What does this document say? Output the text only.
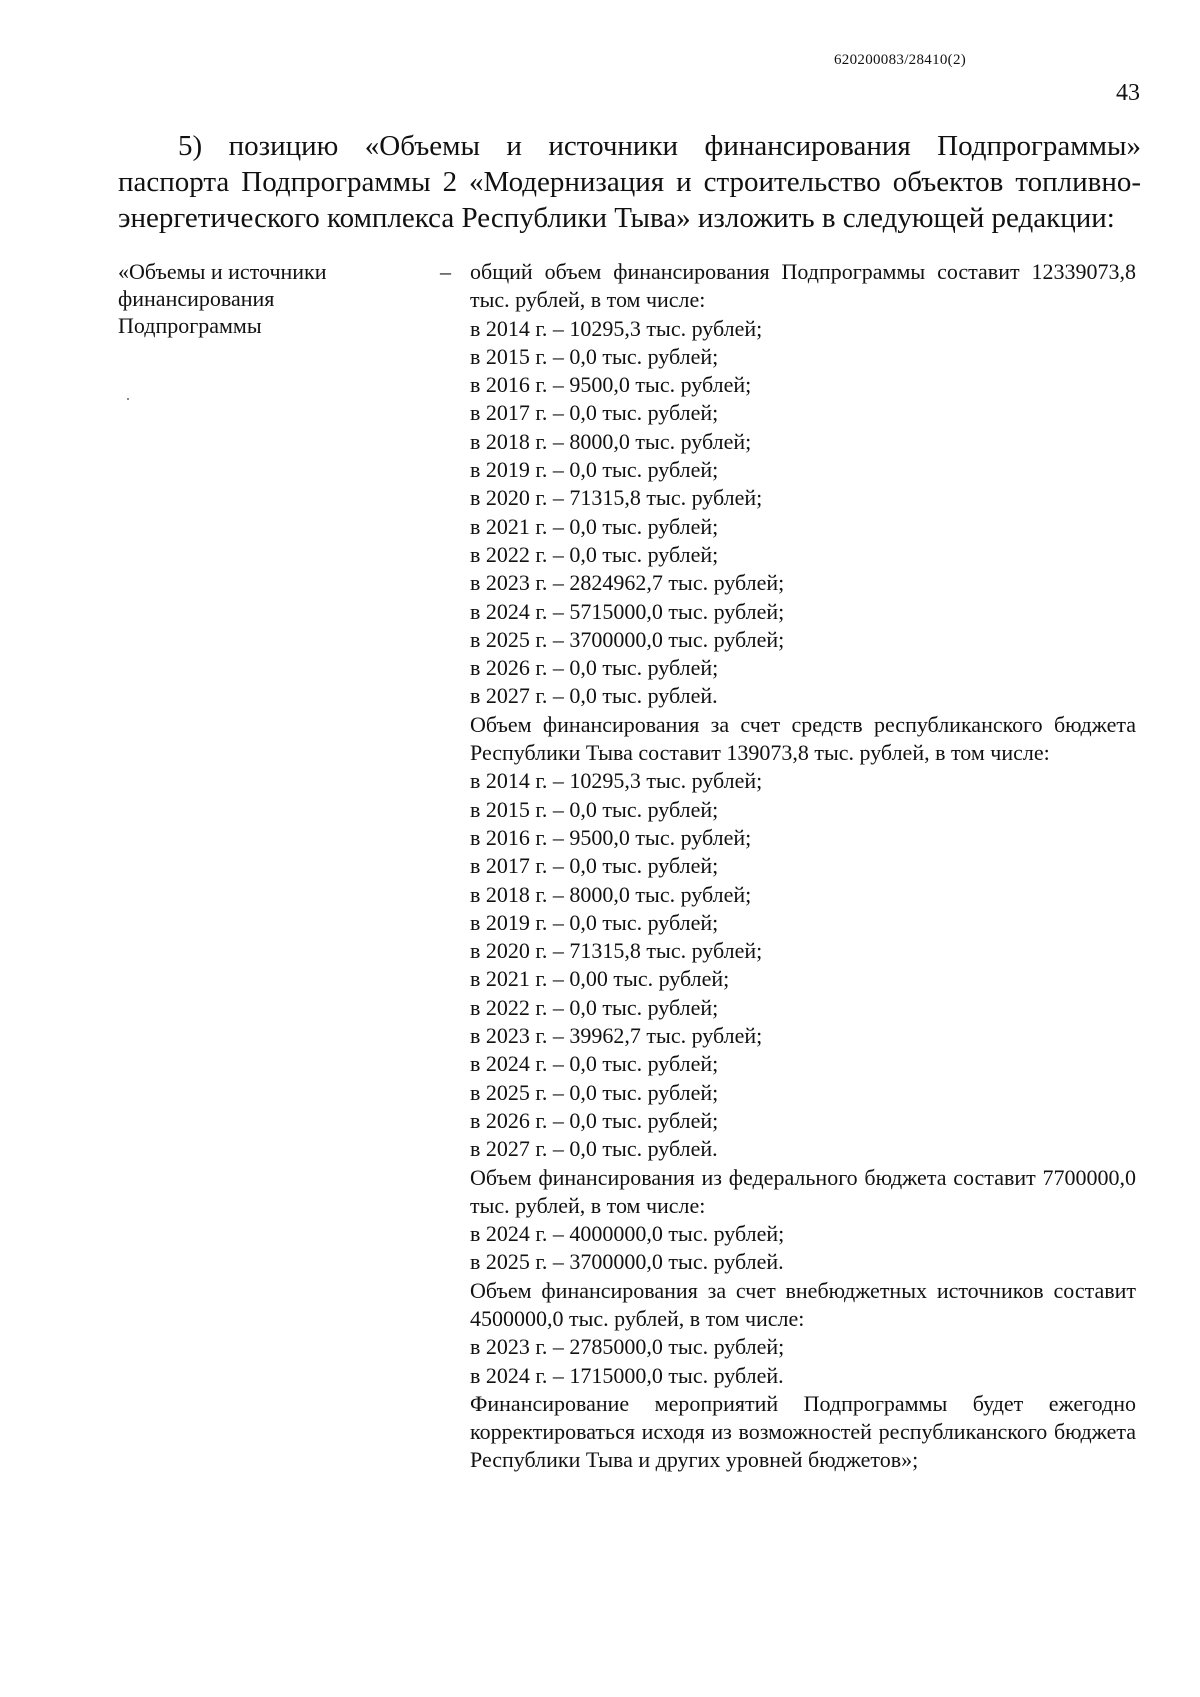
620200083/28410(2)
43

5) позицию «Объемы и источники финансирования Подпрограммы» паспорта Подпрограммы 2 «Модернизация и строительство объектов топливно-энергетического комплекса Республики Тыва» изложить в следующей редакции:

«Объемы и источники финансирования Подпрограммы

– общий объем финансирования Подпрограммы составит 12339073,8 тыс. рублей, в том числе:

в 2014 г. – 10295,3 тыс. рублей;
в 2015 г. – 0,0 тыс. рублей;
в 2016 г. – 9500,0 тыс. рублей;
в 2017 г. – 0,0 тыс. рублей;
в 2018 г. – 8000,0 тыс. рублей;
в 2019 г. – 0,0 тыс. рублей;
в 2020 г. – 71315,8 тыс. рублей;
в 2021 г. – 0,0 тыс. рублей;
в 2022 г. – 0,0 тыс. рублей;
в 2023 г. – 2824962,7 тыс. рублей;
в 2024 г. – 5715000,0 тыс. рублей;
в 2025 г. – 3700000,0 тыс. рублей;
в 2026 г. – 0,0 тыс. рублей;
в 2027 г. – 0,0 тыс. рублей.

Объем финансирования за счет средств республиканского бюджета Республики Тыва составит 139073,8 тыс. рублей, в том числе:

в 2014 г. – 10295,3 тыс. рублей;
в 2015 г. – 0,0 тыс. рублей;
в 2016 г. – 9500,0 тыс. рублей;
в 2017 г. – 0,0 тыс. рублей;
в 2018 г. – 8000,0 тыс. рублей;
в 2019 г. – 0,0 тыс. рублей;
в 2020 г. – 71315,8 тыс. рублей;
в 2021 г. – 0,00 тыс. рублей;
в 2022 г. – 0,0 тыс. рублей;
в 2023 г. – 39962,7 тыс. рублей;
в 2024 г. – 0,0 тыс. рублей;
в 2025 г. – 0,0 тыс. рублей;
в 2026 г. – 0,0 тыс. рублей;
в 2027 г. – 0,0 тыс. рублей.

Объем финансирования из федерального бюджета составит 7700000,0 тыс. рублей, в том числе:

в 2024 г. – 4000000,0 тыс. рублей;
в 2025 г. – 3700000,0 тыс. рублей.

Объем финансирования за счет внебюджетных источников составит 4500000,0 тыс. рублей, в том числе:

в 2023 г. – 2785000,0 тыс. рублей;
в 2024 г. – 1715000,0 тыс. рублей.

Финансирование мероприятий Подпрограммы будет ежегодно корректироваться исходя из возможностей республиканского бюджета Республики Тыва и других уровней бюджетов»;
